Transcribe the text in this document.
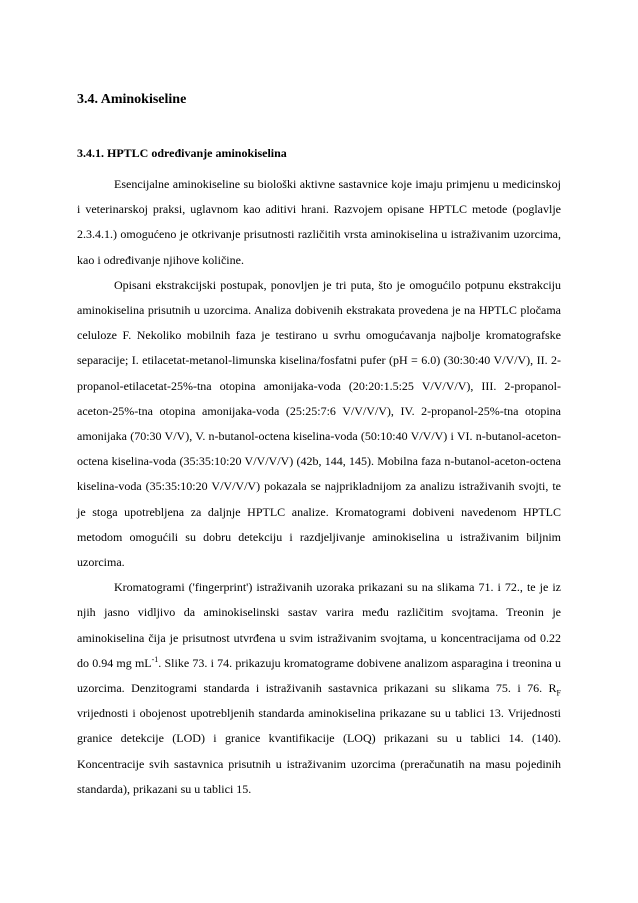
3.4. Aminokiseline
3.4.1. HPTLC određivanje aminokiselina

Esencijalne aminokiseline su biološki aktivne sastavnice koje imaju primjenu u medicinskoj i veterinarskoj praksi, uglavnom kao aditivi hrani. Razvojem opisane HPTLC metode (poglavlje 2.3.4.1.) omogućeno je otkrivanje prisutnosti različitih vrsta aminokiselina u istraživanim uzorcima, kao i određivanje njihove količine.

Opisani ekstrakcijski postupak, ponovljen je tri puta, što je omogućilo potpunu ekstrakciju aminokiselina prisutnih u uzorcima. Analiza dobivenih ekstrakata provedena je na HPTLC pločama celuloze F. Nekoliko mobilnih faza je testirano u svrhu omogućavanja najbolje kromatografske separacije; I. etilacetat-metanol-limunska kiselina/fosfatni pufer (pH = 6.0) (30:30:40 V/V/V), II. 2-propanol-etilacetat-25%-tna otopina amonijaka-voda (20:20:1.5:25 V/V/V/V), III. 2-propanol-aceton-25%-tna otopina amonijaka-voda (25:25:7:6 V/V/V/V), IV. 2-propanol-25%-tna otopina amonijaka (70:30 V/V), V. n-butanol-octena kiselina-voda (50:10:40 V/V/V) i VI. n-butanol-aceton-octena kiselina-voda (35:35:10:20 V/V/V/V) (42b, 144, 145). Mobilna faza n-butanol-aceton-octena kiselina-voda (35:35:10:20 V/V/V/V) pokazala se najprikladnijom za analizu istraživanih svojti, te je stoga upotrebljena za daljnje HPTLC analize. Kromatogrami dobiveni navedenom HPTLC metodom omogućili su dobru detekciju i razdjeljivanje aminokiselina u istraživanim biljnim uzorcima.

Kromatogrami ('fingerprint') istraživanih uzoraka prikazani su na slikama 71. i 72., te je iz njih jasno vidljivo da aminokiselinski sastav varira među različitim svojtama. Treonin je aminokiselina čija je prisutnost utvrđena u svim istraživanim svojtama, u koncentracijama od 0.22 do 0.94 mg $mL^{-1}$. Slike 73. i 74. prikazuju kromatograme dobivene analizom asparagina i treonina u uzorcima. Denzitogrami standarda i istraživanih sastavnica prikazani su slikama 75. i 76. $R_F$ vrijednosti i obojenost upotrebljenih standarda aminokiselina prikazane su u tablici 13. Vrijednosti granice detekcije (LOD) i granice kvantifikacije (LOQ) prikazani su u tablici 14. (140). Koncentracije svih sastavnica prisutnih u istraživanim uzorcima (preračunatih na masu pojedinih standarda), prikazani su u tablici 15.
